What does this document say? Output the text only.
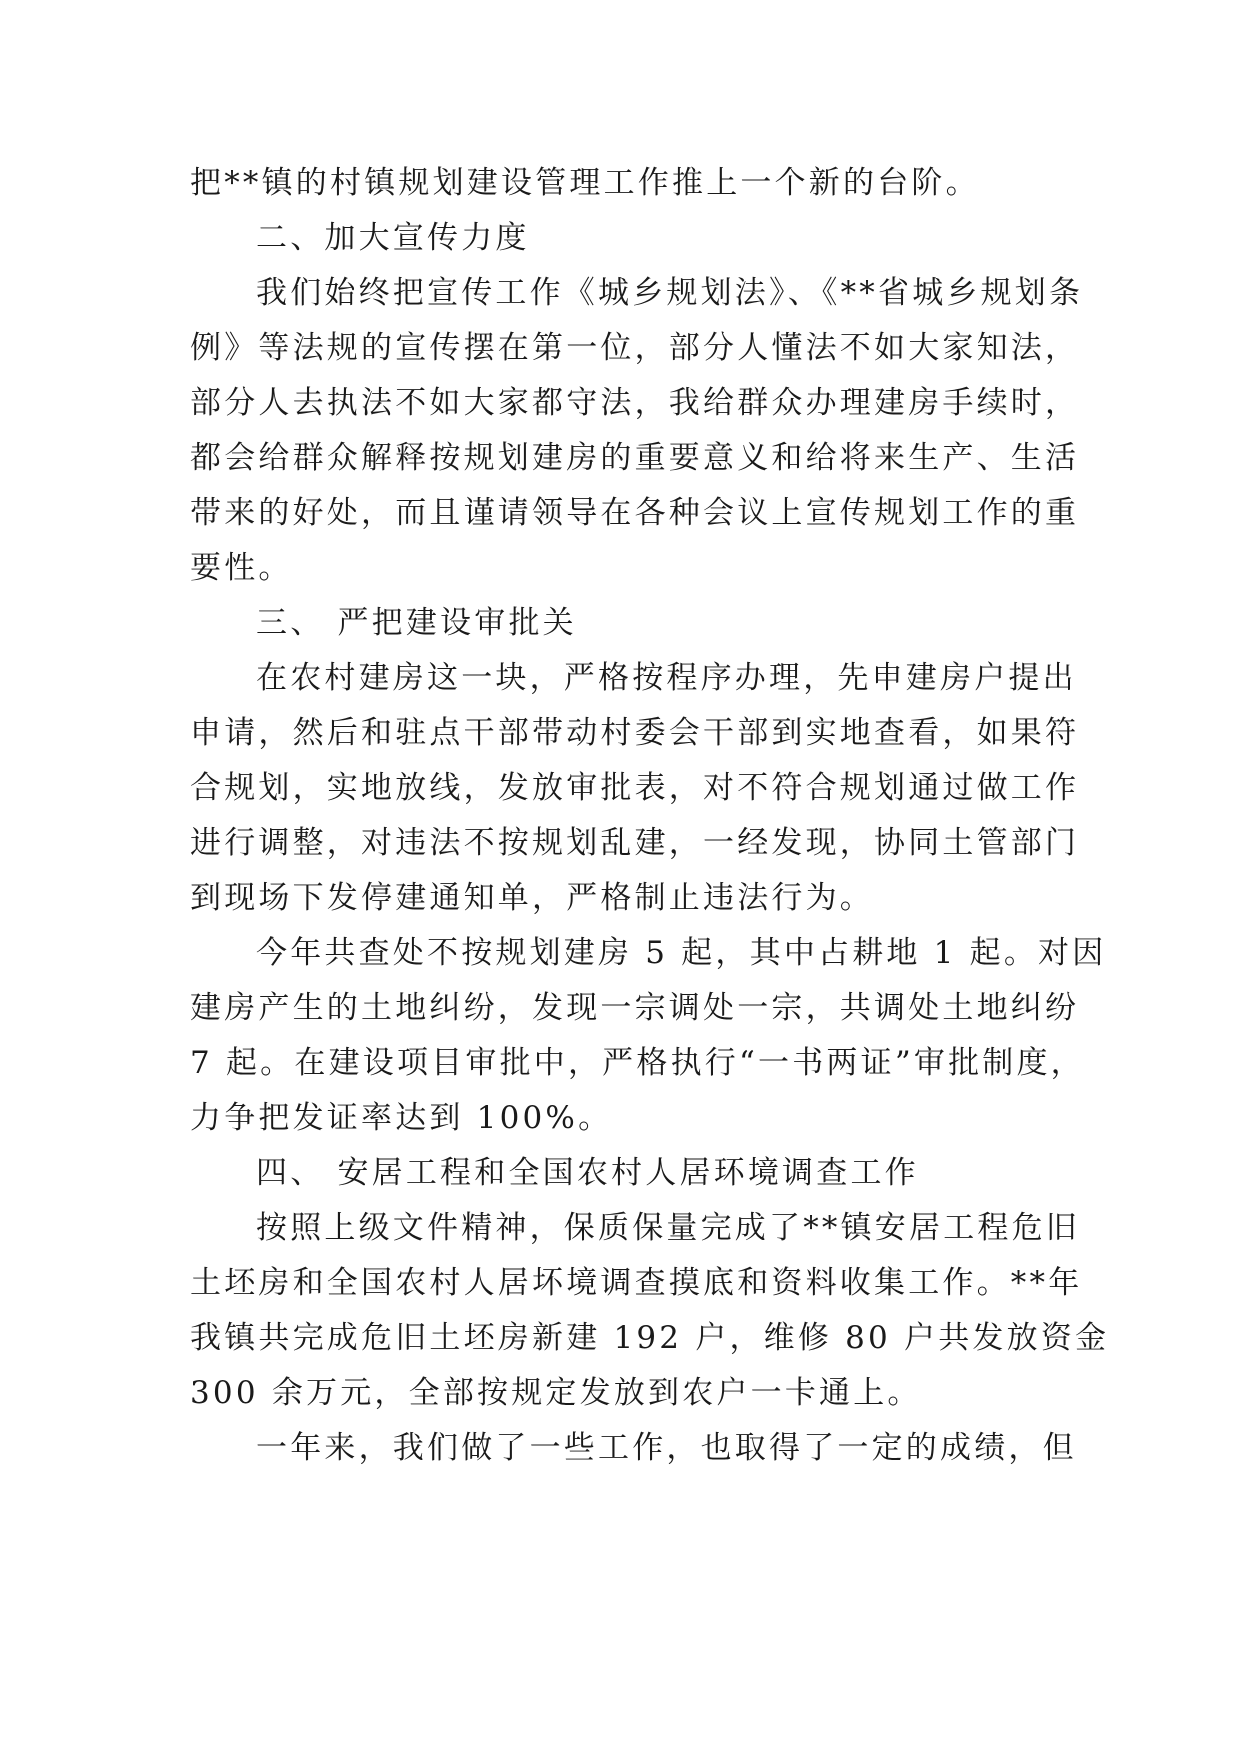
把**镇的村镇规划建设管理工作推上一个新的台阶。
二、加大宣传力度
我们始终把宣传工作《城乡规划法》、《**省城乡规划条
例》等法规的宣传摆在第一位，部分人懂法不如大家知法，
部分人去执法不如大家都守法，我给群众办理建房手续时，
都会给群众解释按规划建房的重要意义和给将来生产、生活
带来的好处，而且谨请领导在各种会议上宣传规划工作的重
要性。
三、 严把建设审批关
在农村建房这一块，严格按程序办理，先申建房户提出
申请，然后和驻点干部带动村委会干部到实地查看，如果符
合规划，实地放线，发放审批表，对不符合规划通过做工作
进行调整，对违法不按规划乱建，一经发现，协同土管部门
到现场下发停建通知单，严格制止违法行为。
今年共查处不按规划建房 5 起，其中占耕地 1 起。对因
建房产生的土地纠纷，发现一宗调处一宗，共调处土地纠纷
7 起。在建设项目审批中，严格执行“一书两证”审批制度，
力争把发证率达到 100%。
四、 安居工程和全国农村人居环境调查工作
按照上级文件精神，保质保量完成了**镇安居工程危旧
土坯房和全国农村人居坏境调查摸底和资料收集工作。**年
我镇共完成危旧土坯房新建 192 户，维修 80 户共发放资金
300 余万元，全部按规定发放到农户一卡通上。
一年来，我们做了一些工作，也取得了一定的成绩，但
